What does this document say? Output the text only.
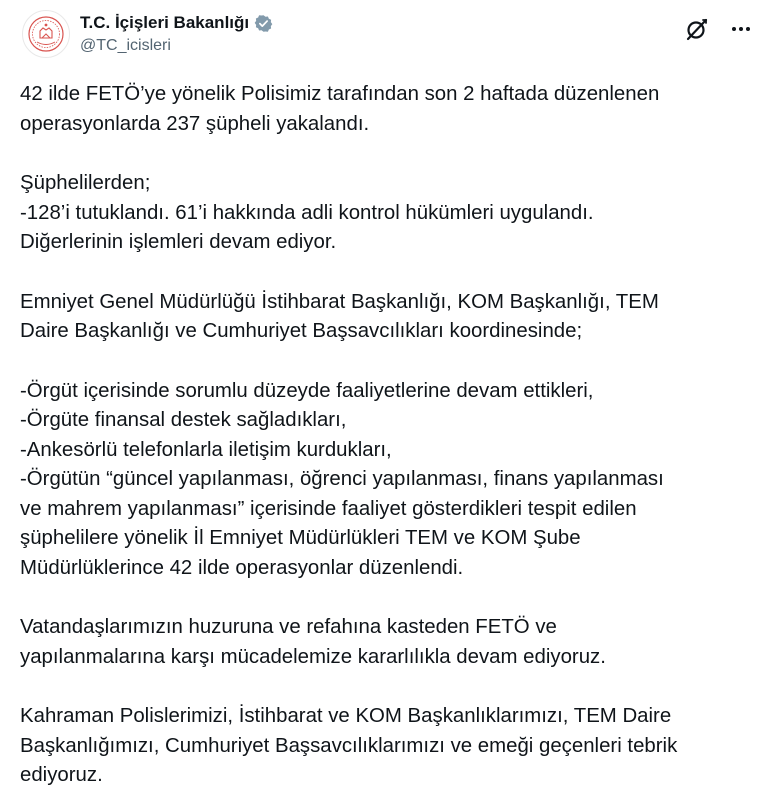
T.C. İçişleri Bakanlığı
@TC_icisleri

42 ilde FETÖ’ye yönelik Polisimiz tarafından son 2 haftada düzenlenen
operasyonlarda 237 şüpheli yakalandı.

Şüphelilerden;
-128’i tutuklandı. 61’i hakkında adli kontrol hükümleri uygulandı.
Diğerlerinin işlemleri devam ediyor.

Emniyet Genel Müdürlüğü İstihbarat Başkanlığı, KOM Başkanlığı, TEM
Daire Başkanlığı ve Cumhuriyet Başsavcılıkları koordinesinde;

-Örgüt içerisinde sorumlu düzeyde faaliyetlerine devam ettikleri,
-Örgüte finansal destek sağladıkları,
-Ankesörlü telefonlarla iletişim kurdukları,
-Örgütün “güncel yapılanması, öğrenci yapılanması, finans yapılanması
ve mahrem yapılanması” içerisinde faaliyet gösterdikleri tespit edilen
şüphelilere yönelik İl Emniyet Müdürlükleri TEM ve KOM Şube
Müdürlüklerince 42 ilde operasyonlar düzenlendi.

Vatandaşlarımızın huzuruna ve refahına kasteden FETÖ ve
yapılanmalarına karşı mücadelemize kararlılıkla devam ediyoruz.

Kahraman Polislerimizi, İstihbarat ve KOM Başkanlıklarımızı, TEM Daire
Başkanlığımızı, Cumhuriyet Başsavcılıklarımızı ve emeği geçenleri tebrik
ediyoruz.
